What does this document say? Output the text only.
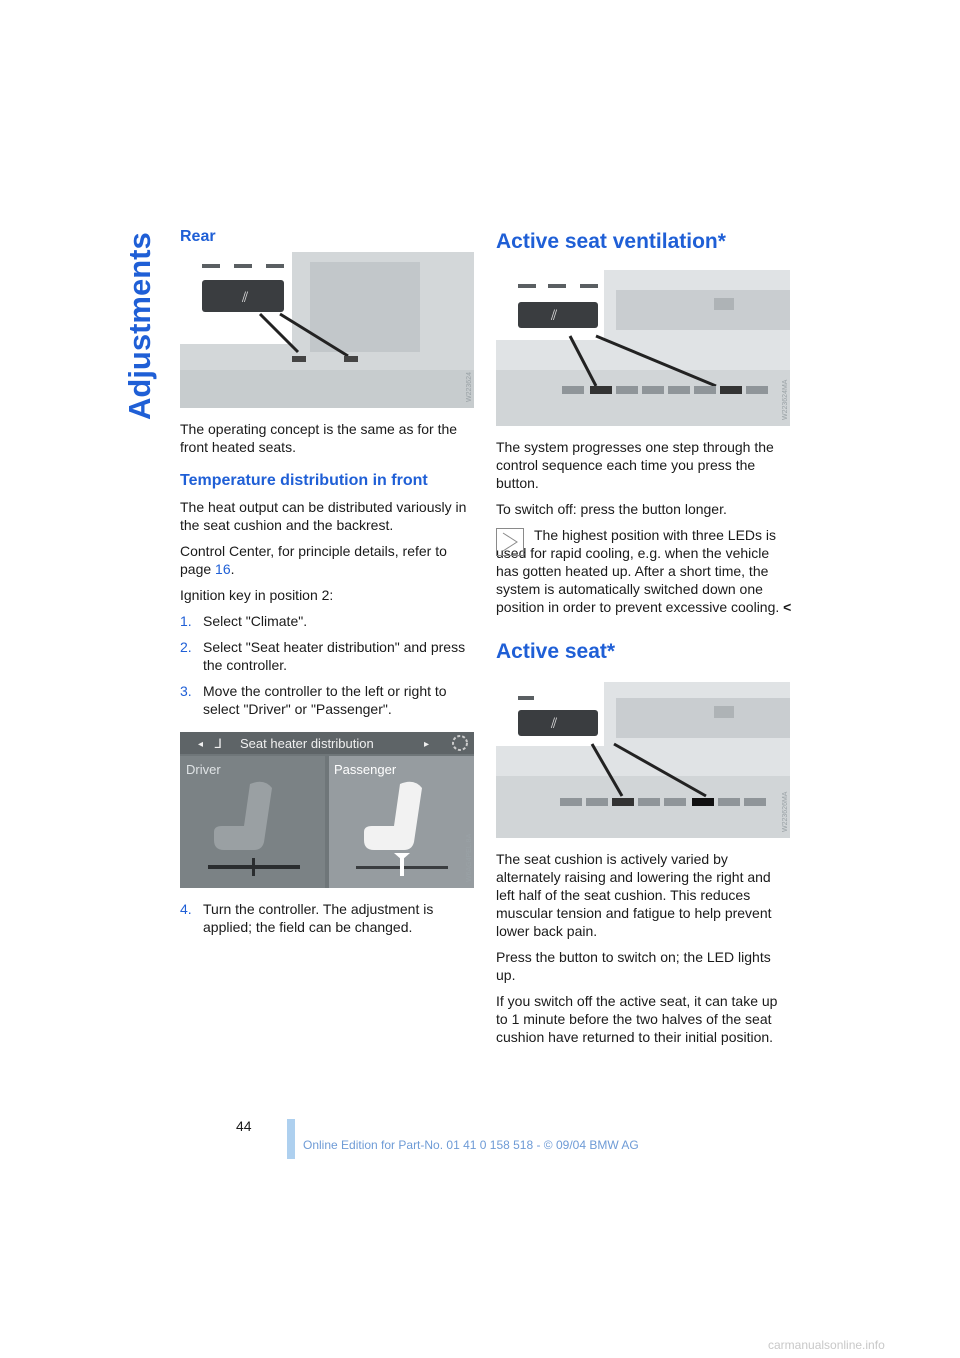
Adjustments Rear
⫽
W223624

The operating concept is the same as for the front heated seats.

Temperature distribution in front

The heat output can be distributed variously in the seat cushion and the backrest.

Control Center, for principle details, refer to page 16.

Ignition key in position 2:

1. Select "Climate".
2. Select "Seat heater distribution" and press the controller.
3. Move the controller to the left or right to select "Driver" or "Passenger".
Seat heater distribution
ᒧ	▸
◂
Driver	Passenger
4. Turn the controller. The adjustment is applied; the field can be changed.
Active seat ventilation*
⫽

The system progresses one step through the control sequence each time you press the button.

To switch off: press the button longer.

The highest position with three LEDs is used for rapid cooling, e.g. when the vehicle has gotten heated up. After a short time, the system is automatically switched down one position in order to prevent excessive cooling. <

Active seat*
⫽

The seat cushion is actively varied by alternately raising and lowering the right and left half of the seat cushion. This reduces muscular tension and fatigue to help prevent lower back pain.

Press the button to switch on; the LED lights up.

If you switch off the active seat, it can take up to 1 minute before the two halves of the seat cushion have returned to their initial position.

44
Online Edition for Part-No. 01 41 0 158 518 - © 09/04 BMW AG
carmanualsonline.info
